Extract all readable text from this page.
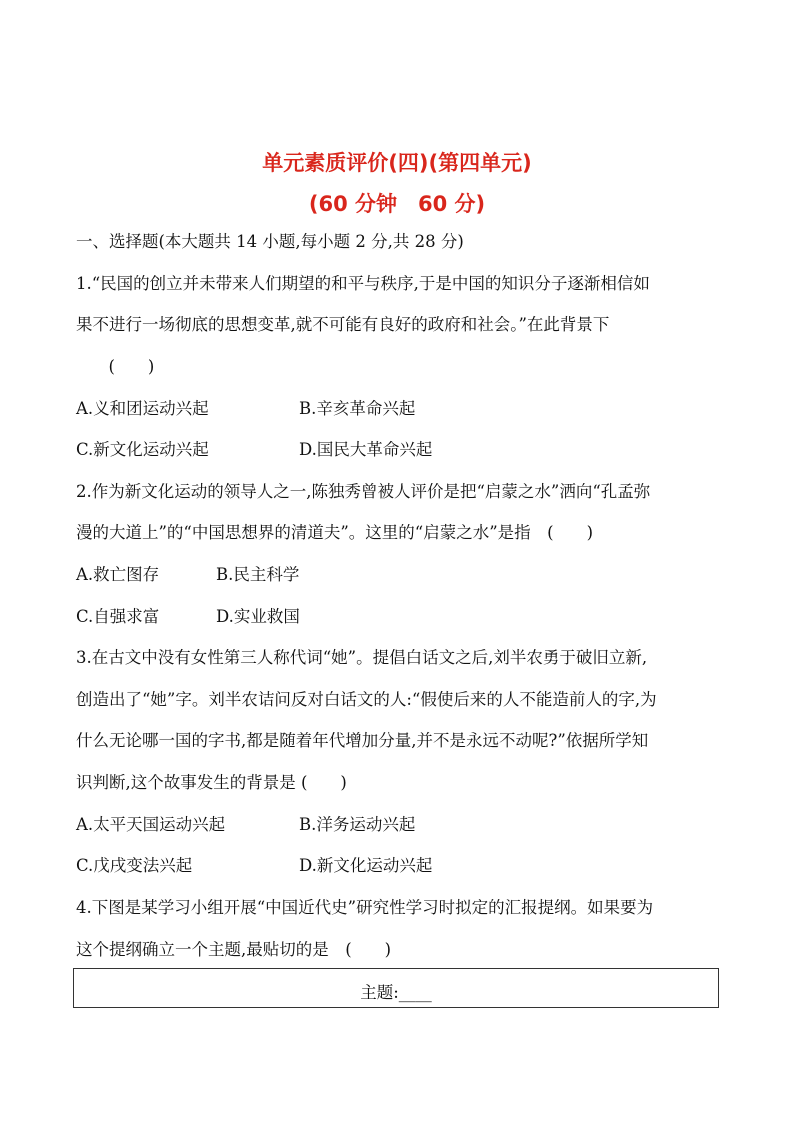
单元素质评价(四)(第四单元)
(60 分钟　60 分)
一、选择题(本大题共 14 小题,每小题 2 分,共 28 分)
1.“民国的创立并未带来人们期望的和平与秩序,于是中国的知识分子逐渐相信如
果不进行一场彻底的思想变革,就不可能有良好的政府和社会。”在此背景下
　(　　)
A.义和团运动兴起	B.辛亥革命兴起
C.新文化运动兴起	D.国民大革命兴起
2.作为新文化运动的领导人之一,陈独秀曾被人评价是把“启蒙之水”洒向“孔孟弥
漫的大道上”的“中国思想界的清道夫”。这里的“启蒙之水”是指　(　　)
A.救亡图存	B.民主科学
C.自强求富	D.实业救国
3.在古文中没有女性第三人称代词“她”。提倡白话文之后,刘半农勇于破旧立新,
创造出了“她”字。刘半农诘问反对白话文的人:“假使后来的人不能造前人的字,为
什么无论哪一国的字书,都是随着年代增加分量,并不是永远不动呢?”依据所学知
识判断,这个故事发生的背景是 (　　)
A.太平天国运动兴起	B.洋务运动兴起
C.戊戌变法兴起	D.新文化运动兴起
4.下图是某学习小组开展“中国近代史”研究性学习时拟定的汇报提纲。如果要为
这个提纲确立一个主题,最贴切的是　(　　)
主题:____
